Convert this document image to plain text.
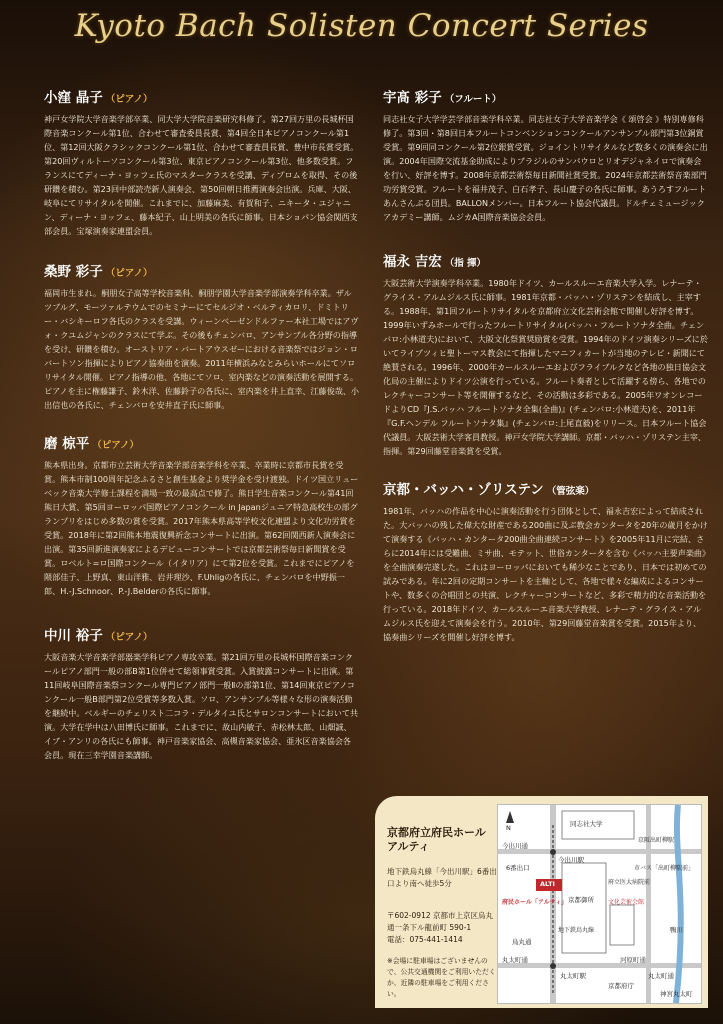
Kyoto Bach Solisten Concert Series
小窪 晶子 （ピアノ）

神戸女学院大学音楽学部卒業、同大学大学院音楽研究科修了。第27回万里の長城杯国際音楽コンクール第1位、合わせて審査委員長賞、第4回全日本ピアノコンクール第1位、第12回大阪クラシックコンクール第1位、合わせて審査員長賞、豊中市長賞受賞。第20回ヴィルトーソコンクール第3位、東京ピアノコンクール第3位、他多数受賞。フランスにてディーナ・ヨッフェ氏のマスタークラスを受講、ディプロムを取得、その後研鑽を積む。第23回中部読売新人演奏会、第50回朝日推薦演奏会出演。兵庫、大阪、岐阜にてリサイタルを開催。これまでに、加藤麻美、有賀和子、ニキータ・ユジャニン、ディーナ・ヨッフェ、藤本紀子、山上明美の各氏に師事。日本ショパン協会関西支部会員。宝塚演奏家連盟会員。

桑野 彩子 （ピアノ）

福岡市生まれ。桐朋女子高等学校音楽科、桐朋学園大学音楽学部演奏学科卒業。ザルツブルグ、モーツァルテウムでのセミナーにてセルジオ・ベルティカロリ、ドミトリー・バシキーロフ各氏のクラスを受講。ウィーンベーゼンドルファー本社工場ではアヴォ・クユムジャンのクラスにて学ぶ。その後もチェンバロ、アンサンブル各分野の指導を受け、研鑽を積む。オーストリア・バートアウスゼーにおける音楽祭ではジョン・ロバートソン指揮によりピアノ協奏曲を演奏。2011年横浜みなとみらいホールにてソロリサイタル開催。ピアノ指導の他、各地にてソロ、室内楽などの演奏活動を展開する。ピアノを主に権藤謙子、鈴木洋、佐藤鈴子の各氏に、室内楽を井上直幸、江藤俊哉、小出信也の各氏に、チェンバロを安井直子氏に師事。

磨 椋平 （ピアノ）

熊本県出身。京都市立芸術大学音楽学部音楽学科を卒業、卒業時に京都市長賞を受賞。熊本市制100周年記念ふるさと創生基金より奨学金を受け渡独。ドイツ国立リューベック音楽大学修士課程を満場一致の最高点で修了。熊日学生音楽コンクール第41回熊日大賞、第5回ヨーロッパ国際ピアノコンクール in Japanジュニア特急高校生の部グランプリをはじめ多数の賞を受賞。2017年熊本県高等学校文化連盟より文化功労賞を受賞。2018年に第2回熊本地震復興祈念コンサートに出演。第62回関西新人演奏会に出演。第35回新進演奏家によるデビューコンサートでは京都芸術祭毎日新聞賞を受賞。ロベルト=ロ国際コンクール（イタリア）にて第2位を受賞。これまでにピアノを隈部佳子、上野真、東山洋雅、岩井理沙、F.Uhligの各氏に、チェンバロを中野振一郎、H.-J.Schnoor、P.-J.Belderの各氏に師事。

中川 裕子 （ピアノ）

大阪音楽大学音楽学部器楽学科ピアノ専攻卒業。第21回万里の長城杯国際音楽コンクールピアノ部門一般の部B第1位併せて総領事賞受賞。入賞披露コンサートに出演。第11回岐阜国際音楽祭コンクール専門ピアノ部門一般Ⅱの部第1位、第14回東京ピアノコンクール一般B部門第2位受賞等多数入賞。ソロ、アンサンブル等様々な形の演奏活動を継続中。ベルギーのチェリスト二コラ・デルタイユ氏とサロンコンサートにおいて共演。大学在学中は八田博氏に師事。これまでに、故山内敏子、赤松林太郎、山畑誠、イブ・アンリの各氏にも師事。神戸音楽家協会、高槻音楽家協会、亜氷区音楽協会各会員。現在三幸学園音楽講師。

宇髙 彩子 （フルート）

同志社女子大学学芸学部音楽学科卒業。同志社女子大学音楽学会《 頌啓会 》特別専修科修了。第3回・第8回日本フルートコンベンションコンクールアンサンブル部門第3位銅賞受賞。第9回同コンクール第2位銀賞受賞。ジョイントリサイタルなど数多くの演奏会に出演。2004年国際交流基金助成によりブラジルのサンパウロとリオデジャネイロで演奏会を行い、好評を博す。2008年京都芸術祭毎日新聞社賞受賞。2024年京都芸術祭音楽部門功労賞受賞。フルートを福井茂子、白石孝子、長山慶子の各氏に師事。あうろすフルートあんさんぶる団員。BALLONメンバー。日本フルート協会代議員。ドルチェミュージックアカデミー講師。ムジカA国際音楽協会会員。

福永 吉宏 （指 揮）

大阪芸術大学演奏学科卒業。1980年ドイツ、カールスルーエ音楽大学入学。レナーテ・グライス・アルムジルス氏に師事。1981年京都・バッハ・ゾリステンを結成し、主宰する。1988年、第1回フルートリサイタルを京都府立文化芸術会館で開催し好評を博す。1999年いずみホールで行ったフルートリサイタル(バッハ・フルートソナタ全曲。チェンバロ:小林道夫)において、大阪文化祭賞奨励賞を受賞。1994年のドイツ演奏シリーズに於いてライプツィヒ聖トーマス教会にて指揮したマニフィカートが当地のテレビ・新聞にて絶賛される。1996年、2000年カールスルーエおよびフライブルクなど各地の独日協会文化局の主催によりドイツ公演を行っている。フルート奏者として活躍する傍ら、各地でのレクチャーコンサート等を開催するなど、その活動は多彩である。2005年ワオンレコードよりCD『J.S.バッハ フルートソナタ全集(全曲)』(チェンバロ:小林道夫)を、2011年『G.F.ヘンデル フルートソナタ集』(チェンバロ:上尾直毅)をリリース。日本フルート協会代議員。大阪芸術大学客員教授。神戸女学院大学講師。京都・バッハ・ゾリステン主宰、指揮。第29回藤堂音楽賞を受賞。

京都・バッハ・ゾリステン （管弦楽）

1981年、バッハの作品を中心に演奏活動を行う団体として、福永吉宏によって結成された。大バッハの残した偉大な財産である200曲に及ぶ教会カンタータを20年の歳月をかけて演奏する《バッハ・カンタータ200曲全曲連続コンサート》を2005年11月に完結、さらに2014年には受難曲、ミサ曲、モテット、世俗カンタータを含む《バッハ主要声楽曲》を全曲演奏完遂した。これはヨーロッパにおいても稀少なことであり、日本では初めての試みである。年に2回の定期コンサートを主軸として、各地で様々な編成によるコンサートや、数多くの合唱団との共演、レクチャーコンサートなど、多彩で精力的な音楽活動を行っている。2018年ドイツ、カールスルーエ音楽大学教授、レナーテ・グライス・アルムジルス氏を迎えて演奏会を行う。2010年、第29回藤堂音楽賞を受賞。2015年より、協奏曲シリーズを開催し好評を博す。

京都府立府民ホール アルティ
地下鉄烏丸線「今出川駅」6番出口より南へ徒歩5分
〒602-0912 京都市上京区烏丸通一条下ル龍前町 590-1
電話：075-441-1414
※会場に駐車場はございませんので、公共交通機関をご利用いただくか、近隣の駐車場をご利用ください。
N	同志社大学
今出川通
6番出口
今出川駅
京都御所
ALTI
府民ホール「アルティ」
府立医大病院前
市バス「出町柳駅前」
文化芸術会館
烏丸通
丸太町駅
丸太町通
京都府庁
河原町通
京阪出町柳駅
鴨川
地下鉄烏丸線
丸太町通
神宮丸太町
